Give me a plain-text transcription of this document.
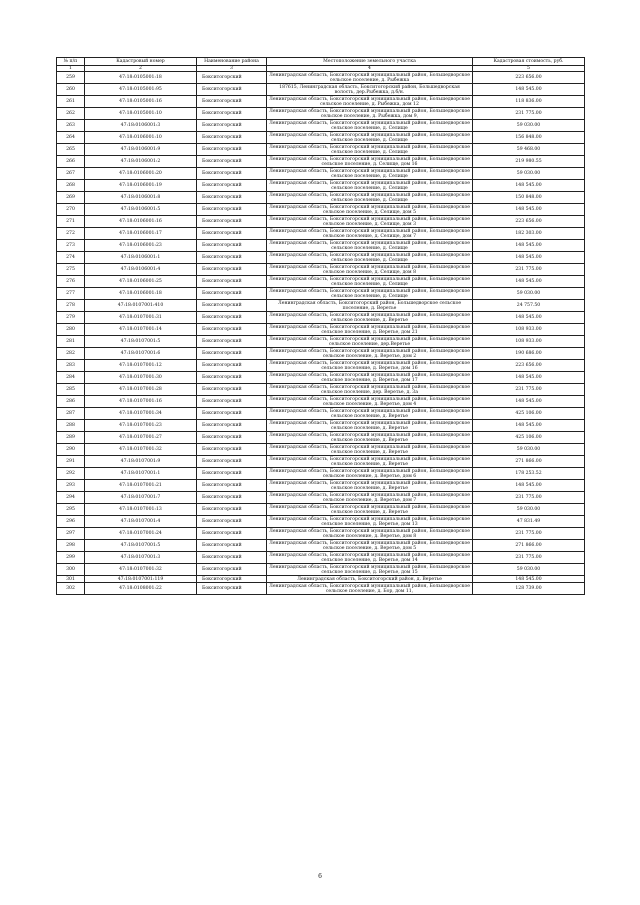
№ п/п	Кадастровый номер	Наименование района	Местоположение земельного участка	Кадастровая стоимость, руб.
1	2	3	4	5
259	47:18:0105001:18	Бокситогорский	Ленинградская область, Бокситогорский муниципальный район, Большедворское сельское поселение, д. Рыбежка	223 656.00
260	47:18:0105001:95	Бокситогорский	187615, Ленинградская область, Бокситогорский район, Большедворская волость, дер.Рыбежка, д.б/н.	148 545.00
261	47:18:0105001:16	Бокситогорский	Ленинградская область, Бокситогорский муниципальный район, Большедворское сельское поселение, д. Рыбежка, дом 12	118 836.00
262	47:18:0105001:10	Бокситогорский	Ленинградская область, Бокситогорский муниципальный район, Большедворское сельское поселение, д. Рыбежка, дом 9,	231 775.00
263	47:18:0106001:3	Бокситогорский	Ленинградская область, Бокситогорский муниципальный район, Большедворское сельское поселение, д. Селище	59 030.00
264	47:18:0106001:10	Бокситогорский	Ленинградская область, Бокситогорский муниципальный район, Большедворское сельское поселение, д. Селище	156 848.00
265	47:18:0106001:9	Бокситогорский	Ленинградская область, Бокситогорский муниципальный район, Большедворское сельское поселение, д. Селище	59 468.00
266	47:18:0106001:2	Бокситогорский	Ленинградская область, Бокситогорский муниципальный район, Большедворское сельское поселение, д. Селище, дом 16	219 980.55
267	47:18:0106001:20	Бокситогорский	Ленинградская область, Бокситогорский муниципальный район, Большедворское сельское поселение, д. Селище	59 030.00
268	47:18:0106001:19	Бокситогорский	Ленинградская область, Бокситогорский муниципальный район, Большедворское сельское поселение, д. Селище	148 545.00
269	47:18:0106001:8	Бокситогорский	Ленинградская область, Бокситогорский муниципальный район, Большедворское сельское поселение, д. Селище	150 848.00
270	47:18:0106001:5	Бокситогорский	Ленинградская область, Бокситогорский муниципальный район, Большедворское сельское поселение, д. Селище, дом 5	148 545.00
271	47:18:0106001:16	Бокситогорский	Ленинградская область, Бокситогорский муниципальный район, Большедворское сельское поселение, д. Селище, дом 3	223 656.00
272	47:18:0106001:17	Бокситогорский	Ленинградская область, Бокситогорский муниципальный район, Большедворское сельское поселение, д. Селище, дом 7	182 303.00
273	47:18:0106001:23	Бокситогорский	Ленинградская область, Бокситогорский муниципальный район, Большедворское сельское поселение, д. Селище	148 545.00
274	47:18:0106001:1	Бокситогорский	Ленинградская область, Бокситогорский муниципальный район, Большедворское сельское поселение, д. Селище	148 545.00
275	47:18:0106001:4	Бокситогорский	Ленинградская область, Бокситогорский муниципальный район, Большедворское сельское поселение, д. Селище, дом 8	231 775.00
276	47:18:0106001:25	Бокситогорский	Ленинградская область, Бокситогорский муниципальный район, Большедворское сельское поселение, д. Селище	148 545.00
277	47:18:0106001:18	Бокситогорский	Ленинградская область, Бокситогорский муниципальный район, Большедворское сельское поселение, д. Селище	59 030.00
278	47:18:0107001:410	Бокситогорский	Ленинградская область, Бокситогорский район, Большедворское сельское поселение, д. Веретье	24 757.50
279	47:18:0107001:31	Бокситогорский	Ленинградская область, Бокситогорский муниципальный район, Большедворское сельское поселение, д. Веретье	148 545.00
280	47:18:0107001:14	Бокситогорский	Ленинградская область, Бокситогорский муниципальный район, Большедворское сельское поселение, д. Веретье, дом 21	108 933.00
281	47:18:0107001:5	Бокситогорский	Ленинградская область, Бокситогорский муниципальный район, Большедворское сельское поселение, дер.Веретье	108 933.00
282	47:18:0107001:6	Бокситогорский	Ленинградская область, Бокситогорский муниципальный район, Большедворское сельское поселение, д. Веретье, дом 2	190 686.00
283	47:18:0107001:12	Бокситогорский	Ленинградская область, Бокситогорский муниципальный район, Большедворское сельское поселение, д. Веретье, дом 16	223 656.00
284	47:18:0107001:30	Бокситогорский	Ленинградская область, Бокситогорский муниципальный район, Большедворское сельское поселение, д. Веретье, дом 17	148 545.00
285	47:18:0107001:28	Бокситогорский	Ленинградская область, Бокситогорский муниципальный район, Большедворское сельское поселение, дер. Веретье, д. 3а	231 775.00
286	47:18:0107001:16	Бокситогорский	Ленинградская область, Бокситогорский муниципальный район, Большедворское сельское поселение, д. Веретье, дом 4	148 545.00
287	47:18:0107001:34	Бокситогорский	Ленинградская область, Бокситогорский муниципальный район, Большедворское сельское поселение, д. Веретье	425 106.00
288	47:18:0107001:23	Бокситогорский	Ленинградская область, Бокситогорский муниципальный район, Большедворское сельское поселение, д. Веретье	148 545.00
289	47:18:0107001:27	Бокситогорский	Ленинградская область, Бокситогорский муниципальный район, Большедворское сельское поселение, д. Веретье	425 106.00
290	47:18:0107001:32	Бокситогорский	Ленинградская область, Бокситогорский муниципальный район, Большедворское сельское поселение, д. Веретье	59 030.00
291	47:18:0107001:9	Бокситогорский	Ленинградская область, Бокситогорский муниципальный район, Большедворское сельское поселение, д. Веретье	271 866.00
292	47:18:0107001:1	Бокситогорский	Ленинградская область, Бокситогорский муниципальный район, Большедворское сельское поселение, д. Веретье, дом 6	178 253.52
293	47:18:0107001:21	Бокситогорский	Ленинградская область, Бокситогорский муниципальный район, Большедворское сельское поселение, д. Веретье	148 545.00
294	47:18:0107001:7	Бокситогорский	Ленинградская область, Бокситогорский муниципальный район, Большедворское сельское поселение, д. Веретье, дом 7	231 775.00
295	47:18:0107001:13	Бокситогорский	Ленинградская область, Бокситогорский муниципальный район, Большедворское сельское поселение, д. Веретье	59 030.00
296	47:18:0107001:4	Бокситогорский	Ленинградская область, Бокситогорский муниципальный район, Большедворское сельское поселение, д. Веретье, дом 13	47 831.49
297	47:18:0107001:24	Бокситогорский	Ленинградская область, Бокситогорский муниципальный район, Большедворское сельское поселение, д. Веретье, дом 8	231 775.00
298	47:18:0107001:5	Бокситогорский	Ленинградская область, Бокситогорский муниципальный район, Большедворское сельское поселение, д. Веретье, дом 5	271 866.00
299	47:18:0107001:3	Бокситогорский	Ленинградская область, Бокситогорский муниципальный район, Большедворское сельское поселение, д. Веретье, дом 14	231 775.00
300	47:18:0107001:32	Бокситогорский	Ленинградская область, Бокситогорский муниципальный район, Большедворское сельское поселение, д. Веретье, дом 15	59 030.00
301	47:18:0107001:119	Бокситогорский	Ленинградская область, Бокситогорский район, д. Веретье	148 545.00
302	47:18:0108001:22	Бокситогорский	Ленинградская область, Бокситогорский муниципальный район, Большедворское сельское поселение, д. Бор, дом 11,	128 739.00
6
